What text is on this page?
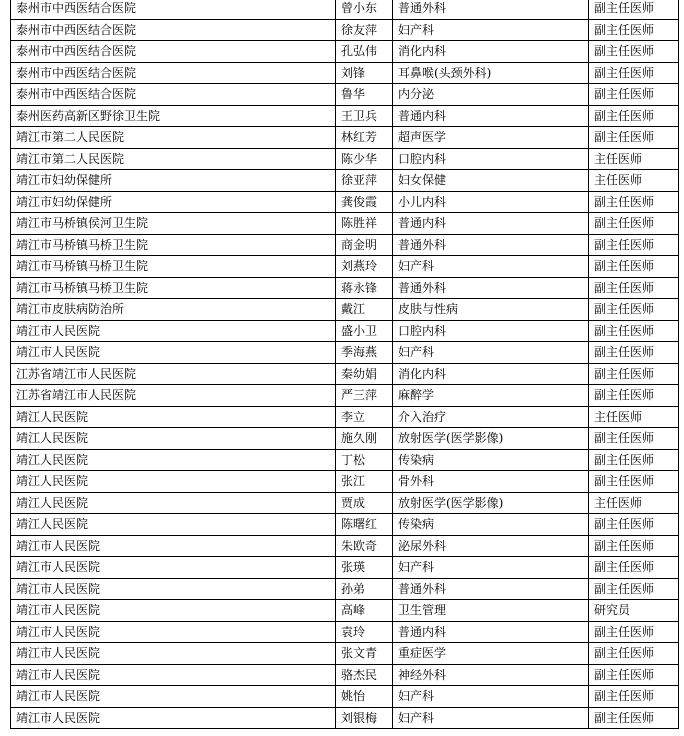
泰州市中西医结合医院	曾小东	普通外科	副主任医师
泰州市中西医结合医院	徐友萍	妇产科	副主任医师
泰州市中西医结合医院	孔弘伟	消化内科	副主任医师
泰州市中西医结合医院	刘锋	耳鼻喉(头颈外科)	副主任医师
泰州市中西医结合医院	鲁华	内分泌	副主任医师
泰州医药高新区野徐卫生院	王卫兵	普通内科	副主任医师
靖江市第二人民医院	林红芳	超声医学	副主任医师
靖江市第二人民医院	陈少华	口腔内科	主任医师
靖江市妇幼保健所	徐亚萍	妇女保健	主任医师
靖江市妇幼保健所	龚俊霞	小儿内科	副主任医师
靖江市马桥镇侯河卫生院	陈胜祥	普通内科	副主任医师
靖江市马桥镇马桥卫生院	商金明	普通外科	副主任医师
靖江市马桥镇马桥卫生院	刘燕玲	妇产科	副主任医师
靖江市马桥镇马桥卫生院	蒋永锋	普通外科	副主任医师
靖江市皮肤病防治所	戴江	皮肤与性病	副主任医师
靖江市人民医院	盛小卫	口腔内科	副主任医师
靖江市人民医院	季海燕	妇产科	副主任医师
江苏省靖江市人民医院	秦幼娟	消化内科	副主任医师
江苏省靖江市人民医院	严三萍	麻醉学	副主任医师
靖江人民医院	李立	介入治疗	主任医师
靖江人民医院	施久刚	放射医学(医学影像)	副主任医师
靖江人民医院	丁松	传染病	副主任医师
靖江人民医院	张江	骨外科	副主任医师
靖江人民医院	贾成	放射医学(医学影像)	主任医师
靖江人民医院	陈曙红	传染病	副主任医师
靖江市人民医院	朱欧奇	泌尿外科	副主任医师
靖江市人民医院	张瑛	妇产科	副主任医师
靖江市人民医院	孙弟	普通外科	副主任医师
靖江市人民医院	高峰	卫生管理	研究员
靖江市人民医院	袁玲	普通内科	副主任医师
靖江市人民医院	张文青	重症医学	副主任医师
靖江市人民医院	骆杰民	神经外科	副主任医师
靖江市人民医院	姚怡	妇产科	副主任医师
靖江市人民医院	刘银梅	妇产科	副主任医师
